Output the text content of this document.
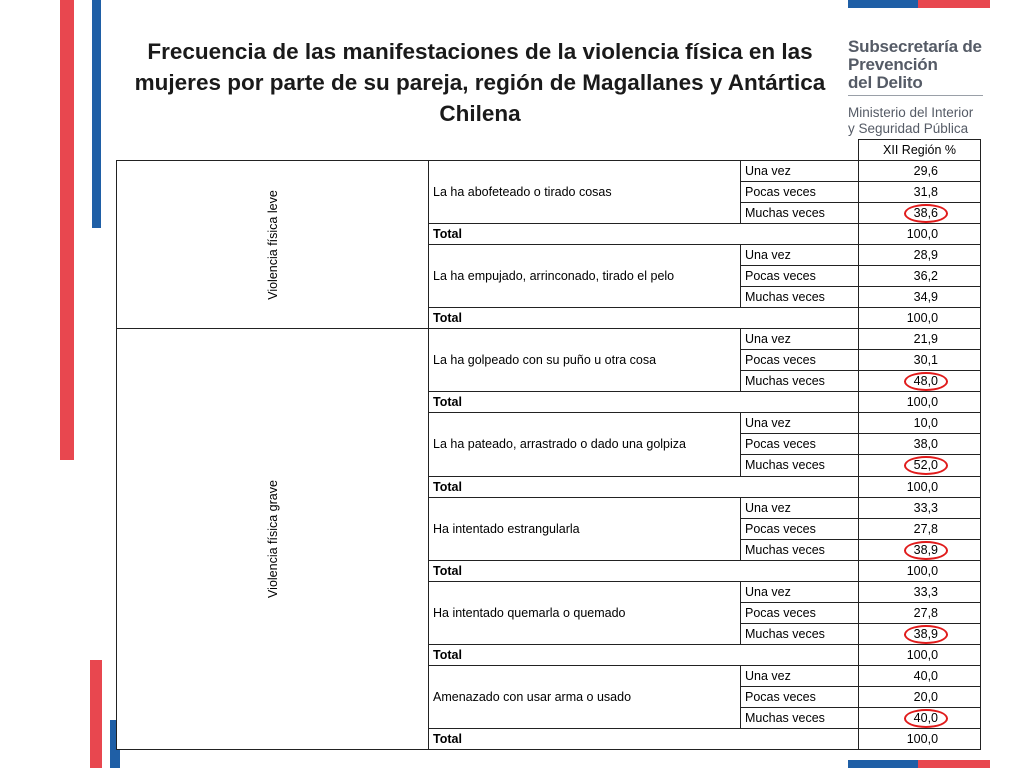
Frecuencia de las manifestaciones de la violencia física en las mujeres por parte de su pareja, región de Magallanes y Antártica Chilena
Subsecretaría de
Prevención
del Delito
Ministerio del Interior
y Seguridad Pública
			XII Región %
Violencia física leve	La ha abofeteado o tirado cosas	Una vez	29,6
		Pocas veces	31,8
		Muchas veces	38,6
	Total		100,0
	La ha empujado, arrinconado, tirado el pelo	Una vez	28,9
		Pocas veces	36,2
		Muchas veces	34,9
	Total		100,0
Violencia física grave	La ha golpeado con su puño u otra cosa	Una vez	21,9
		Pocas veces	30,1
		Muchas veces	48,0
	Total		100,0
	La ha pateado, arrastrado o dado una golpiza	Una vez	10,0
		Pocas veces	38,0
		Muchas veces	52,0
	Total		100,0
	Ha intentado estrangularla	Una vez	33,3
		Pocas veces	27,8
		Muchas veces	38,9
	Total		100,0
	Ha intentado quemarla o quemado	Una vez	33,3
		Pocas veces	27,8
		Muchas veces	38,9
	Total		100,0
	Amenazado con usar arma o usado	Una vez	40,0
		Pocas veces	20,0
		Muchas veces	40,0
	Total		100,0
